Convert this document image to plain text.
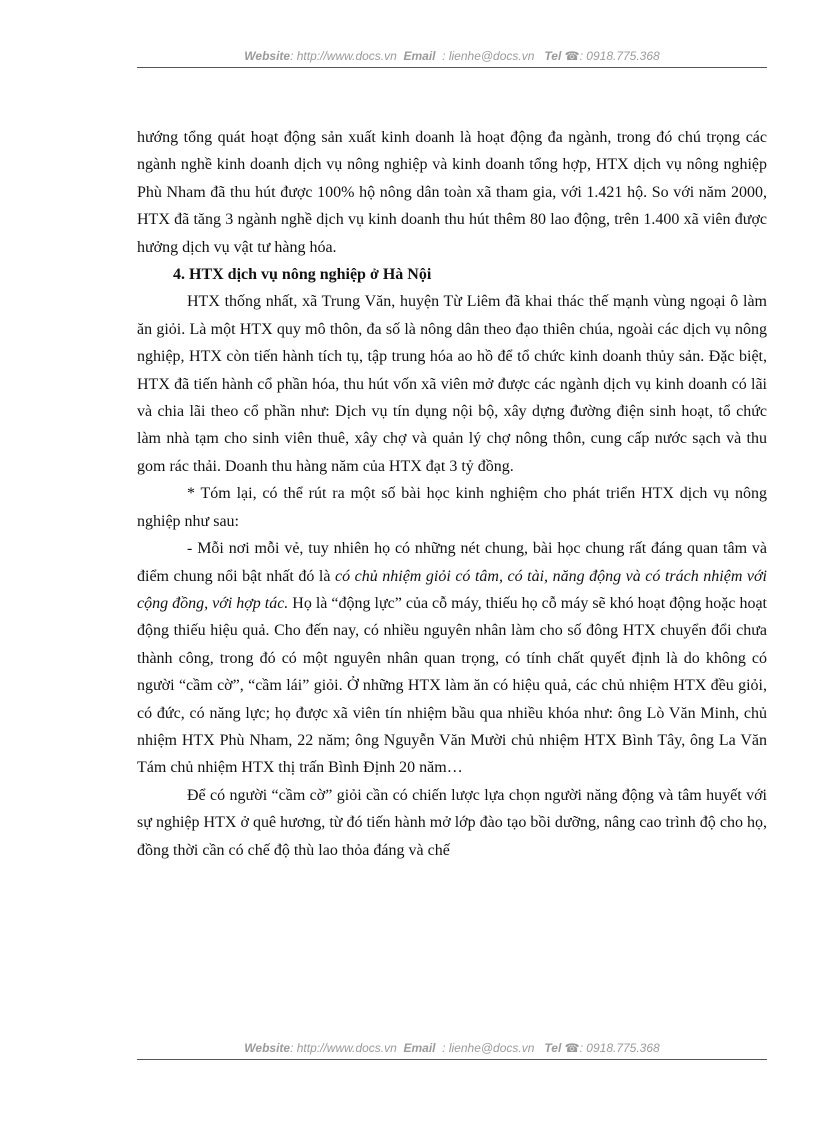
Website: http://www.docs.vn Email : lienhe@docs.vn Tel ☎: 0918.775.368

hướng tổng quát hoạt động sản xuất kinh doanh là hoạt động đa ngành, trong đó chú trọng các ngành nghề kinh doanh dịch vụ nông nghiệp và kinh doanh tổng hợp, HTX dịch vụ nông nghiệp Phù Nham đã thu hút được 100% hộ nông dân toàn xã tham gia, với 1.421 hộ. So với năm 2000, HTX đã tăng 3 ngành nghề dịch vụ kinh doanh thu hút thêm 80 lao động, trên 1.400 xã viên được hưởng dịch vụ vật tư hàng hóa.

4. HTX dịch vụ nông nghiệp ở Hà Nội

HTX thống nhất, xã Trung Văn, huyện Từ Liêm đã khai thác thế mạnh vùng ngoại ô làm ăn giỏi. Là một HTX quy mô thôn, đa số là nông dân theo đạo thiên chúa, ngoài các dịch vụ nông nghiệp, HTX còn tiến hành tích tụ, tập trung hóa ao hồ để tổ chức kinh doanh thủy sản. Đặc biệt, HTX đã tiến hành cổ phần hóa, thu hút vốn xã viên mở được các ngành dịch vụ kinh doanh có lãi và chia lãi theo cổ phần như: Dịch vụ tín dụng nội bộ, xây dựng đường điện sinh hoạt, tổ chức làm nhà tạm cho sinh viên thuê, xây chợ và quản lý chợ nông thôn, cung cấp nước sạch và thu gom rác thải. Doanh thu hàng năm của HTX đạt 3 tỷ đồng.

* Tóm lại, có thể rút ra một số bài học kinh nghiệm cho phát triển HTX dịch vụ nông nghiệp như sau:

- Mỗi nơi mỗi vẻ, tuy nhiên họ có những nét chung, bài học chung rất đáng quan tâm và điểm chung nổi bật nhất đó là có chủ nhiệm giỏi có tâm, có tài, năng động và có trách nhiệm với cộng đồng, với hợp tác. Họ là “động lực” của cỗ máy, thiếu họ cỗ máy sẽ khó hoạt động hoặc hoạt động thiếu hiệu quả. Cho đến nay, có nhiều nguyên nhân làm cho số đông HTX chuyển đổi chưa thành công, trong đó có một nguyên nhân quan trọng, có tính chất quyết định là do không có người “cầm cờ”, “cầm lái” giỏi. Ở những HTX làm ăn có hiệu quả, các chủ nhiệm HTX đều giỏi, có đức, có năng lực; họ được xã viên tín nhiệm bầu qua nhiều khóa như: ông Lò Văn Minh, chủ nhiệm HTX Phù Nham, 22 năm; ông Nguyễn Văn Mười chủ nhiệm HTX Bình Tây, ông La Văn Tám chủ nhiệm HTX thị trấn Bình Định 20 năm…

Để có người “cầm cờ” giỏi cần có chiến lược lựa chọn người năng động và tâm huyết với sự nghiệp HTX ở quê hương, từ đó tiến hành mở lớp đào tạo bồi dưỡng, nâng cao trình độ cho họ, đồng thời cần có chế độ thù lao thỏa đáng và chế

Website: http://www.docs.vn Email : lienhe@docs.vn Tel ☎: 0918.775.368
